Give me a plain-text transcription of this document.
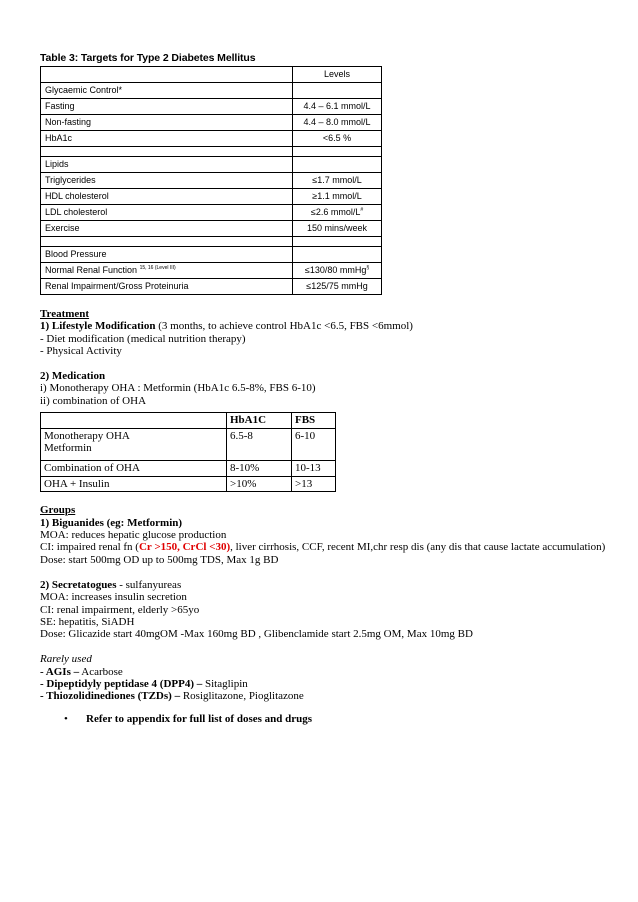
Table 3: Targets for Type 2 Diabetes Mellitus
	Levels
Glycaemic Control*	
Fasting	4.4 – 6.1 mmol/L
Non-fasting	4.4 – 8.0 mmol/L
HbA1c	<6.5 %

Lipids	
Triglycerides	≤1.7 mmol/L
HDL cholesterol	≥1.1 mmol/L
LDL cholesterol	≤2.6 mmol/L#
Exercise	150 mins/week

Blood Pressure	
Normal Renal Function $^{15, 16 (Level III)}$	≤130/80 mmHg§
Renal Impairment/Gross Proteinuria	≤125/75 mmHg

Treatment

1) Lifestyle Modification (3 months, to achieve control HbA1c <6.5, FBS <6mmol)

- Diet modification (medical nutrition therapy)

- Physical Activity

2) Medication

i) Monotherapy OHA : Metformin (HbA1c 6.5-8%, FBS 6-10)

ii) combination of OHA

	HbA1C	FBS

Monotherapy OHA
Metformin	6.5-8	6-10
Combination of OHA	8-10%	10-13
OHA + Insulin	>10%	>13

Groups

1) Biguanides (eg: Metformin)

MOA: reduces hepatic glucose production

CI: impaired renal fn (Cr >150, CrCl <30), liver cirrhosis, CCF, recent MI,chr resp dis (any dis that cause lactate accumulation)

Dose: start 500mg OD up to 500mg TDS, Max 1g BD

2) Secretatogues - sulfanyureas

MOA: increases insulin secretion

CI: renal impairment, elderly >65yo

SE: hepatitis, SiADH

Dose: Glicazide start 40mgOM -Max 160mg BD , Glibenclamide start 2.5mg OM, Max 10mg BD

Rarely used

- AGIs – Acarbose

- Dipeptidyly peptidase 4 (DPP4) – Sitaglipin

- Thiozolidinediones (TZDs) – Rosiglitazone, Pioglitazone

• Refer to appendix for full list of doses and drugs
